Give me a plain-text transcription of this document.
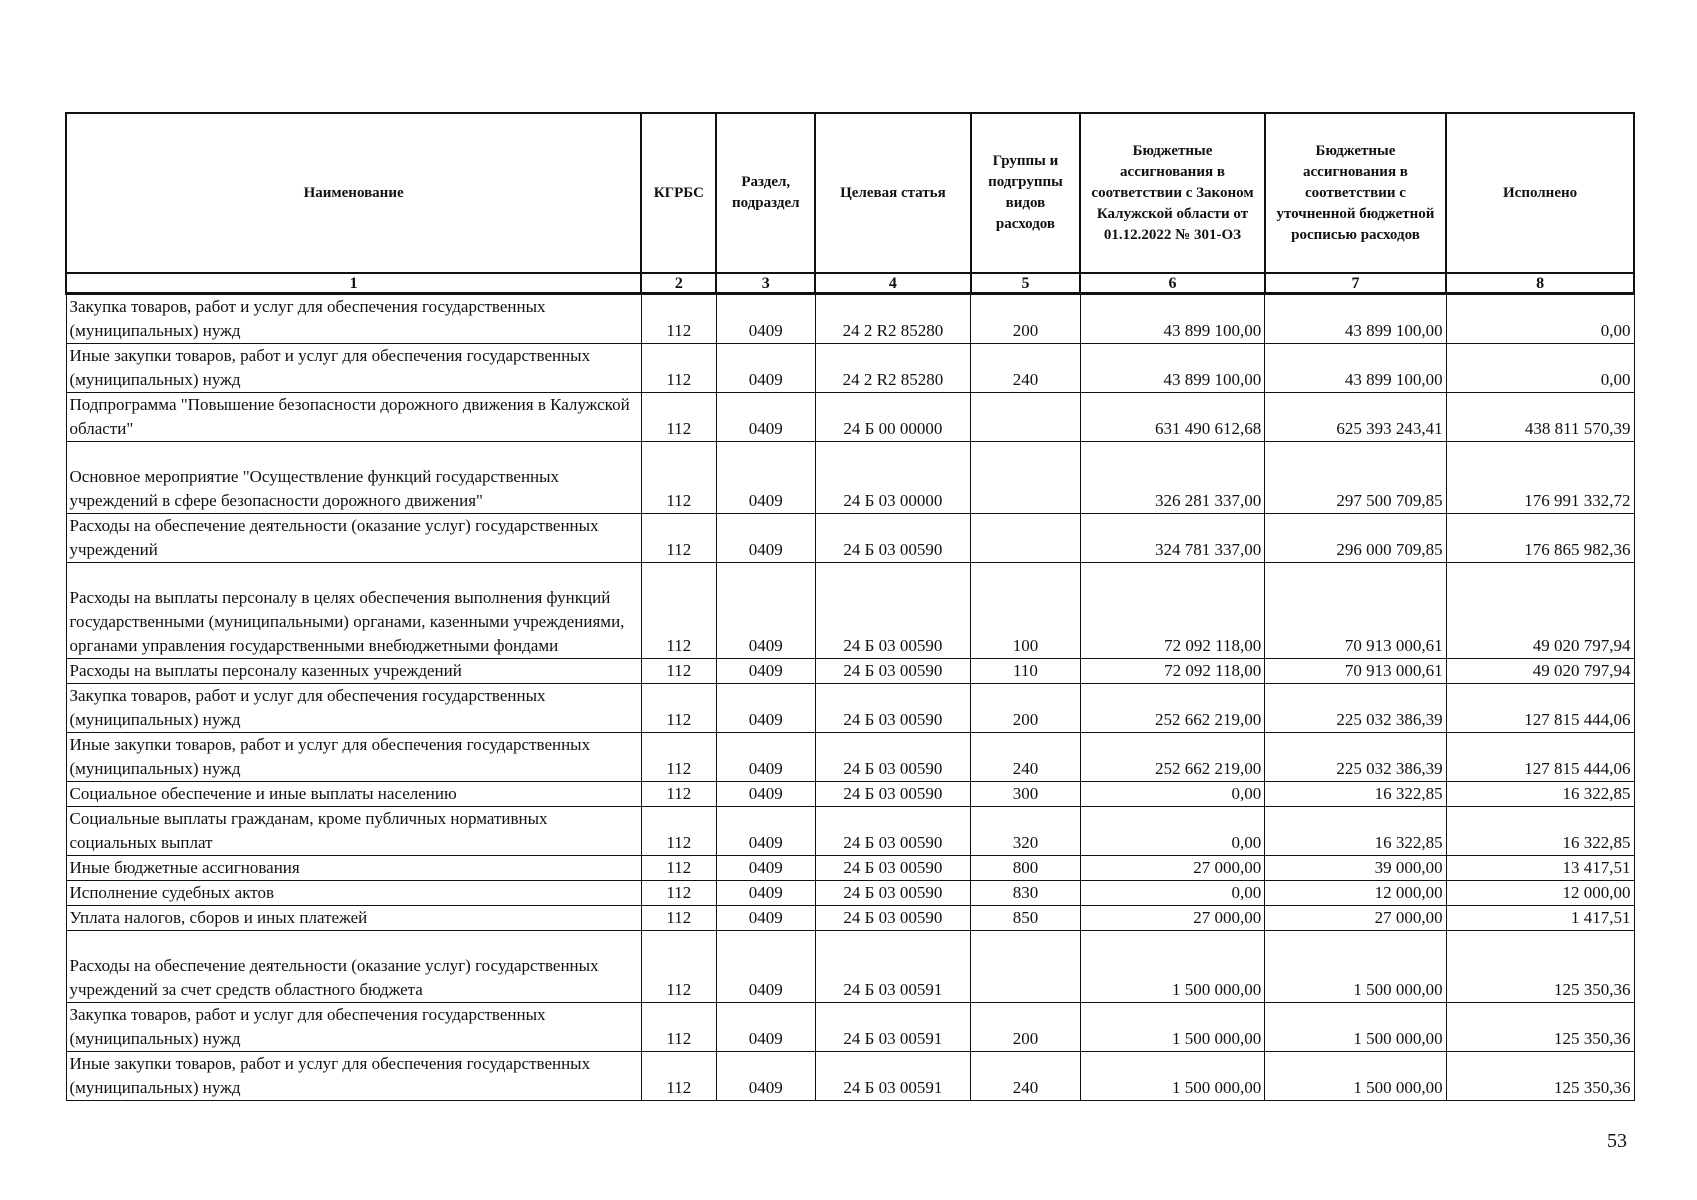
Наименование	КГРБС	Раздел, подраздел	Целевая статья	Группы и подгруппы видов расходов	Бюджетные ассигнования в соответствии с Законом Калужской области от 01.12.2022 № 301-ОЗ	Бюджетные ассигнования в соответствии с уточненной бюджетной росписью расходов	Исполнено
1	2	3	4	5	6	7	8
Закупка товаров, работ и услуг для обеспечения государственных (муниципальных) нужд	112	0409	24 2 R2 85280	200	43 899 100,00	43 899 100,00	0,00
Иные закупки товаров, работ и услуг для обеспечения государственных (муниципальных) нужд	112	0409	24 2 R2 85280	240	43 899 100,00	43 899 100,00	0,00
Подпрограмма "Повышение безопасности дорожного движения в Калужской области"	112	0409	24 Б 00 00000		631 490 612,68	625 393 243,41	438 811 570,39
Основное мероприятие "Осуществление функций государственных учреждений в сфере безопасности дорожного движения"	112	0409	24 Б 03 00000		326 281 337,00	297 500 709,85	176 991 332,72
Расходы на обеспечение деятельности (оказание услуг) государственных учреждений	112	0409	24 Б 03 00590		324 781 337,00	296 000 709,85	176 865 982,36
Расходы на выплаты персоналу в целях обеспечения выполнения функций государственными (муниципальными) органами, казенными учреждениями, органами управления государственными внебюджетными фондами	112	0409	24 Б 03 00590	100	72 092 118,00	70 913 000,61	49 020 797,94
Расходы на выплаты персоналу казенных учреждений	112	0409	24 Б 03 00590	110	72 092 118,00	70 913 000,61	49 020 797,94
Закупка товаров, работ и услуг для обеспечения государственных (муниципальных) нужд	112	0409	24 Б 03 00590	200	252 662 219,00	225 032 386,39	127 815 444,06
Иные закупки товаров, работ и услуг для обеспечения государственных (муниципальных) нужд	112	0409	24 Б 03 00590	240	252 662 219,00	225 032 386,39	127 815 444,06
Социальное обеспечение и иные выплаты населению	112	0409	24 Б 03 00590	300	0,00	16 322,85	16 322,85
Социальные выплаты гражданам, кроме публичных нормативных социальных выплат	112	0409	24 Б 03 00590	320	0,00	16 322,85	16 322,85
Иные бюджетные ассигнования	112	0409	24 Б 03 00590	800	27 000,00	39 000,00	13 417,51
Исполнение судебных актов	112	0409	24 Б 03 00590	830	0,00	12 000,00	12 000,00
Уплата налогов, сборов и иных платежей	112	0409	24 Б 03 00590	850	27 000,00	27 000,00	1 417,51
Расходы на обеспечение деятельности (оказание услуг) государственных учреждений за счет средств областного бюджета	112	0409	24 Б 03 00591		1 500 000,00	1 500 000,00	125 350,36
Закупка товаров, работ и услуг для обеспечения государственных (муниципальных) нужд	112	0409	24 Б 03 00591	200	1 500 000,00	1 500 000,00	125 350,36
Иные закупки товаров, работ и услуг для обеспечения государственных (муниципальных) нужд	112	0409	24 Б 03 00591	240	1 500 000,00	1 500 000,00	125 350,36
53
